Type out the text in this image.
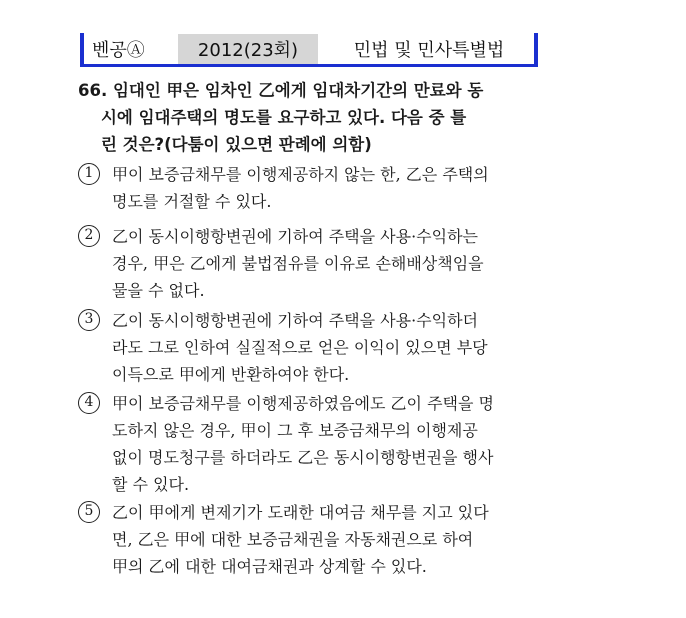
벤공Ⓐ	2012(23회)	민법 및 민사특별법
66. 임대인 甲은 임차인 乙에게 임대차기간의 만료와 동
시에 임대주택의 명도를 요구하고 있다. 다음 중 틀
린 것은?(다툼이 있으면 판례에 의함)
1	甲이 보증금채무를 이행제공하지 않는 한, 乙은 주택의
명도를 거절할 수 있다.
2	乙이 동시이행항변권에 기하여 주택을 사용·수익하는
경우, 甲은 乙에게 불법점유를 이유로 손해배상책임을
물을 수 없다.
3	乙이 동시이행항변권에 기하여 주택을 사용·수익하더
라도 그로 인하여 실질적으로 얻은 이익이 있으면 부당
이득으로 甲에게 반환하여야 한다.
4	甲이 보증금채무를 이행제공하였음에도 乙이 주택을 명
도하지 않은 경우, 甲이 그 후 보증금채무의 이행제공
없이 명도청구를 하더라도 乙은 동시이행항변권을 행사
할 수 있다.
5	乙이 甲에게 변제기가 도래한 대여금 채무를 지고 있다
면, 乙은 甲에 대한 보증금채권을 자동채권으로 하여
甲의 乙에 대한 대여금채권과 상계할 수 있다.
